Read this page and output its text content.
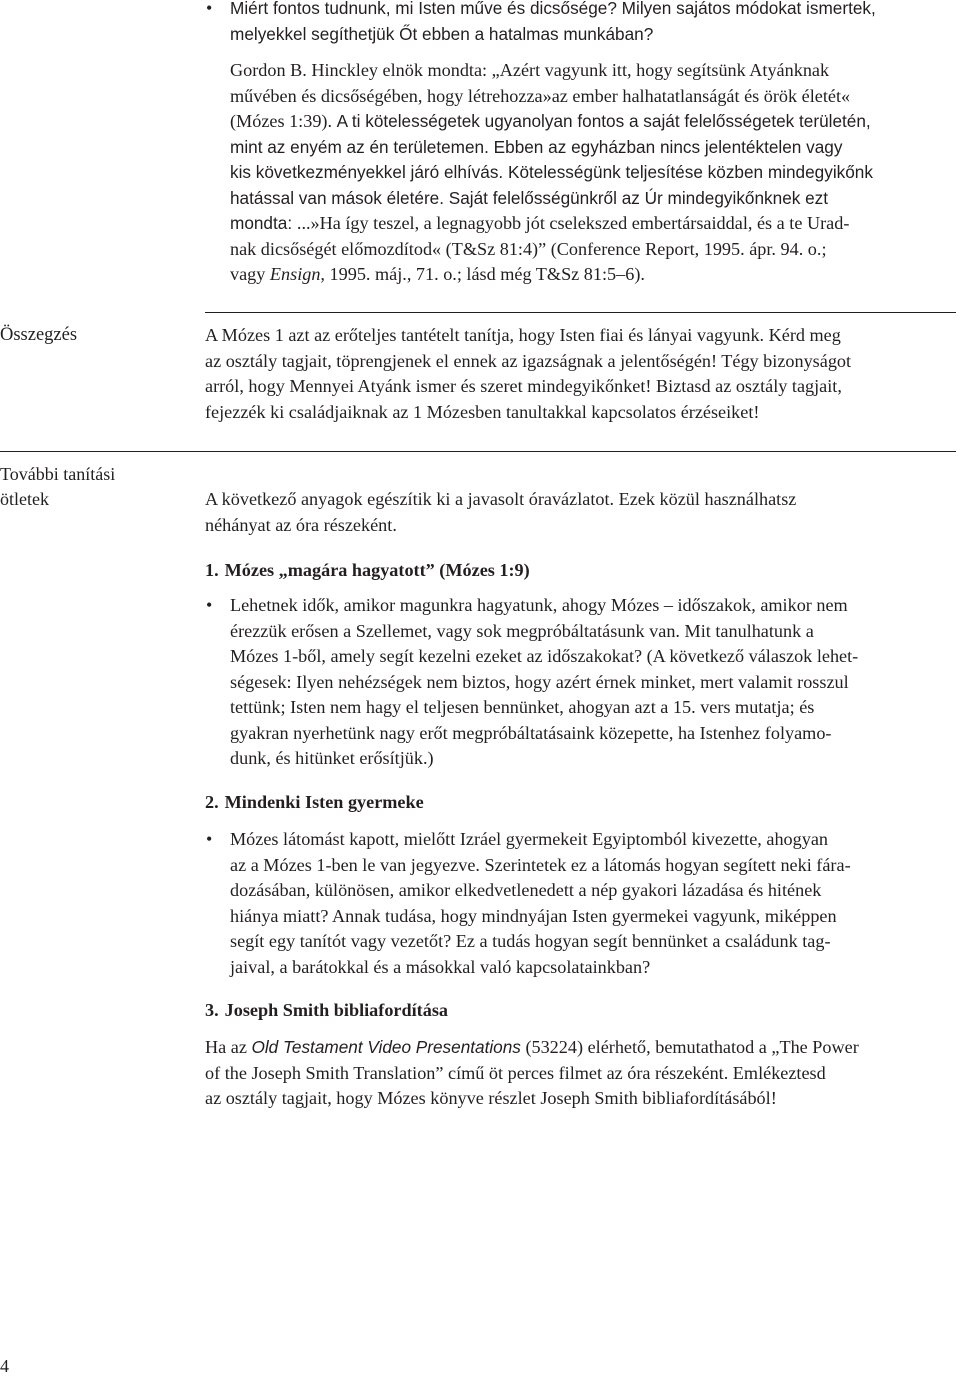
•	Miért fontos tudnunk, mi Isten műve és dicsősége? Milyen sajátos módokat ismertek,

melyekkel segíthetjük Őt ebben a hatalmas munkában?

Gordon B. Hinckley elnök mondta: „Azért vagyunk itt, hogy segítsünk Atyánknak

művében és dicsőségében, hogy létrehozza»az ember halhatatlanságát és örök életét«

(Mózes 1:39). A ti kötelességetek ugyanolyan fontos a saját felelősségetek területén,

mint az enyém az én területemen. Ebben az egyházban nincs jelentéktelen vagy

kis következményekkel járó elhívás. Kötelességünk teljesítése közben mindegyikőnk

hatással van mások életére. Saját felelősségünkről az Úr mindegyikőnknek ezt

mondta: ...»Ha így teszel, a legnagyobb jót cselekszed embertársaiddal, és a te Urad-

nak dicsőségét előmozdítod« (T&Sz 81:4)” (Conference Report, 1995. ápr. 94. o.;

vagy Ensign, 1995. máj., 71. o.; lásd még T&Sz 81:5–6).

Összegzés	A Mózes 1 azt az erőteljes tantételt tanítja, hogy Isten fiai és lányai vagyunk. Kérd meg

az osztály tagjait, töprengjenek el ennek az igazságnak a jelentőségén! Tégy bizonyságot

arról, hogy Mennyei Atyánk ismer és szeret mindegyikőnket! Biztasd az osztály tagjait,

fejezzék ki családjaiknak az 1 Mózesben tanultakkal kapcsolatos érzéseiket!

További tanítási
ötletek	A következő anyagok egészítik ki a javasolt óravázlatot. Ezek közül használhatsz

néhányat az óra részeként.

1. Mózes „magára hagyatott” (Mózes 1:9)
• Lehetnek idők, amikor magunkra hagyatunk, ahogy Mózes – időszakok, amikor nem

érezzük erősen a Szellemet, vagy sok megpróbáltatásunk van. Mit tanulhatunk a

Mózes 1-ből, amely segít kezelni ezeket az időszakokat? (A következő válaszok lehet-

ségesek: Ilyen nehézségek nem biztos, hogy azért érnek minket, mert valamit rosszul

tettünk; Isten nem hagy el teljesen bennünket, ahogyan azt a 15. vers mutatja; és

gyakran nyerhetünk nagy erőt megpróbáltatásaink közepette, ha Istenhez folyamo-

dunk, és hitünket erősítjük.)

2. Mindenki Isten gyermeke
• Mózes látomást kapott, mielőtt Izráel gyermekeit Egyiptomból kivezette, ahogyan

az a Mózes 1-ben le van jegyezve. Szerintetek ez a látomás hogyan segített neki fára-

dozásában, különösen, amikor elkedvetlenedett a nép gyakori lázadása és hitének

hiánya miatt? Annak tudása, hogy mindnyájan Isten gyermekei vagyunk, miképpen

segít egy tanítót vagy vezetőt? Ez a tudás hogyan segít bennünket a családunk tag-

jaival, a barátokkal és a másokkal való kapcsolatainkban?

3. Joseph Smith bibliafordítása

Ha az Old Testament Video Presentations (53224) elérhető, bemutathatod a „The Power

of the Joseph Smith Translation” című öt perces filmet az óra részeként. Emlékeztesd

az osztály tagjait, hogy Mózes könyve részlet Joseph Smith bibliafordításából!

4
